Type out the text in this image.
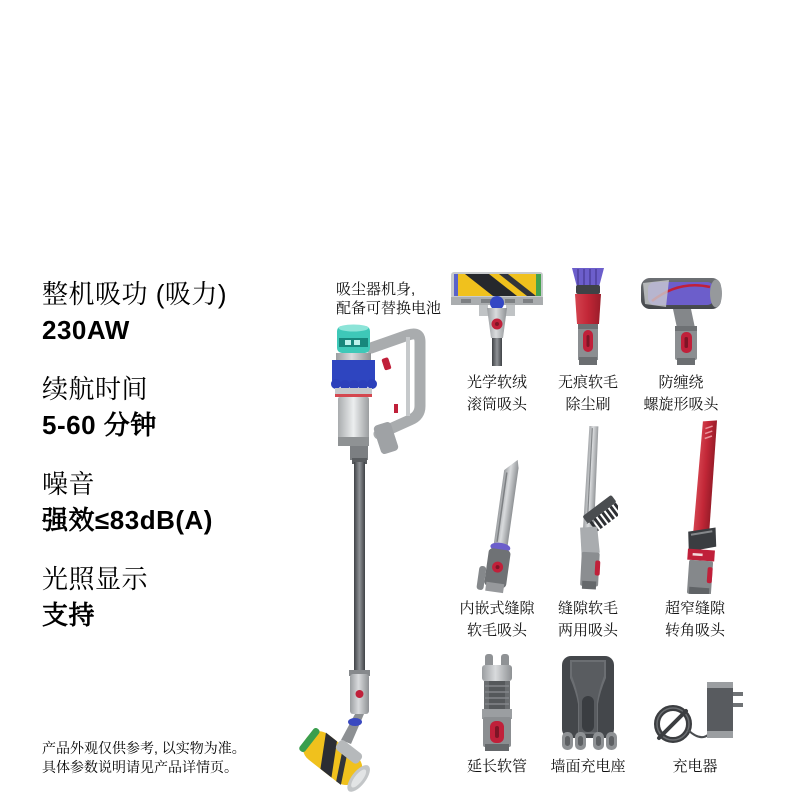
整机吸功 (吸力)
230AW
续航时间
5-60 分钟
噪音
强效≤83dB(A)
光照显示
支持
产品外观仅供参考, 以实物为准。
具体参数说明请见产品详情页。
吸尘器机身,
配备可替换电池
光学软绒
滚筒吸头
无痕软毛
除尘刷
防缠绕
螺旋形吸头
内嵌式缝隙
软毛吸头
缝隙软毛
两用吸头
超窄缝隙
转角吸头
延长软管 墙面充电座	充电器
